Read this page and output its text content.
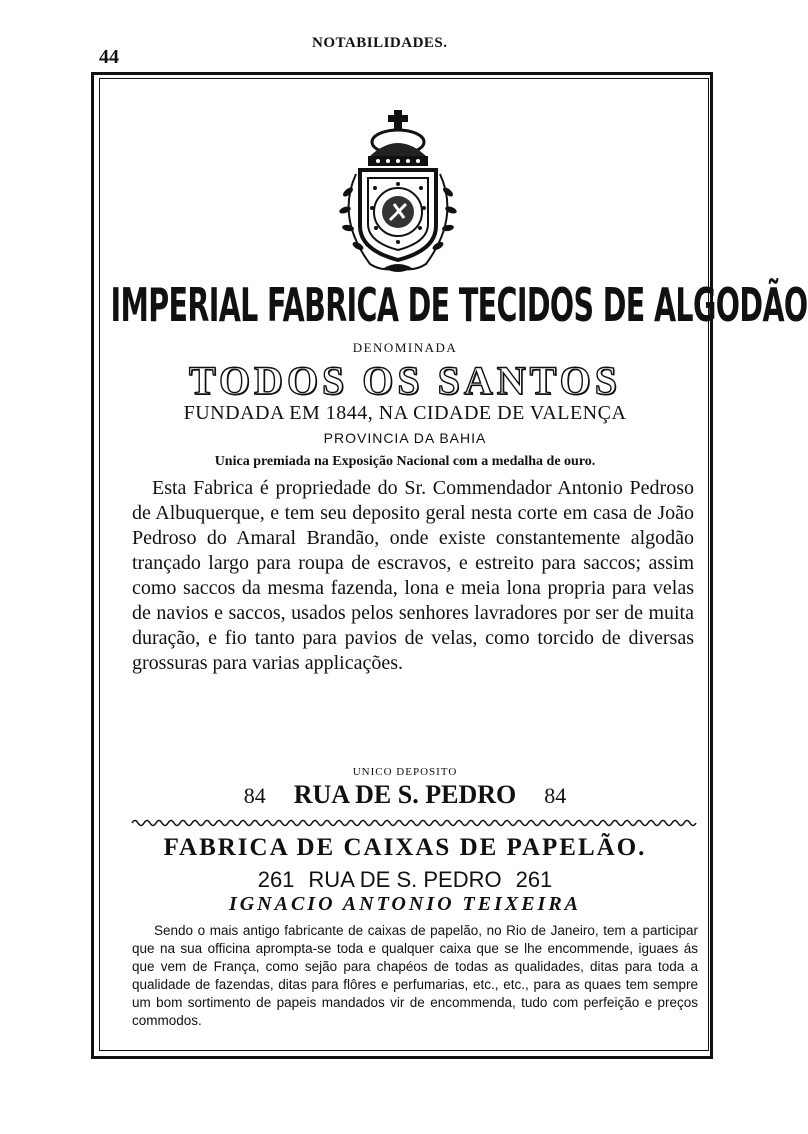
44
NOTABILIDADES.
IMPERIAL FABRICA DE TECIDOS DE ALGODÃO
DENOMINADA
TODOS OS SANTOS
FUNDADA EM 1844, NA CIDADE DE VALENÇA
PROVINCIA DA BAHIA
Unica premiada na Exposição Nacional com a medalha de ouro.

Esta Fabrica é propriedade do Sr. Commendador Antonio Pedroso de Albuquerque, e tem seu deposito geral nesta corte em casa de João Pedroso do Amaral Brandão, onde existe constantemente algodão trançado largo para roupa de escravos, e estreito para saccos; assim como saccos da mesma fazenda, lona e meia lona propria para velas de navios e saccos, usados pelos senhores lavradores por ser de muita duração, e fio tanto para pavios de velas, como torcido de diversas grossuras para varias applicações.

UNICO DEPOSITO
84 RUA DE S. PEDRO 84
FABRICA DE CAIXAS DE PAPELÃO.
261 RUA DE S. PEDRO 261
IGNACIO ANTONIO TEIXEIRA

Sendo o mais antigo fabricante de caixas de papelão, no Rio de Janeiro, tem a participar que na sua officina apromptа-se toda e qualquer caixa que se lhe encommende, iguaes ás que vem de França, como sejão para chapéos de todas as qualidades, ditas para toda a qualidade de fazendas, ditas para flôres e perfumarias, etc., etc., para as quaes tem sempre um bom sortimento de papeis mandados vir de encommenda, tudo com perfeição e preços commodos.
